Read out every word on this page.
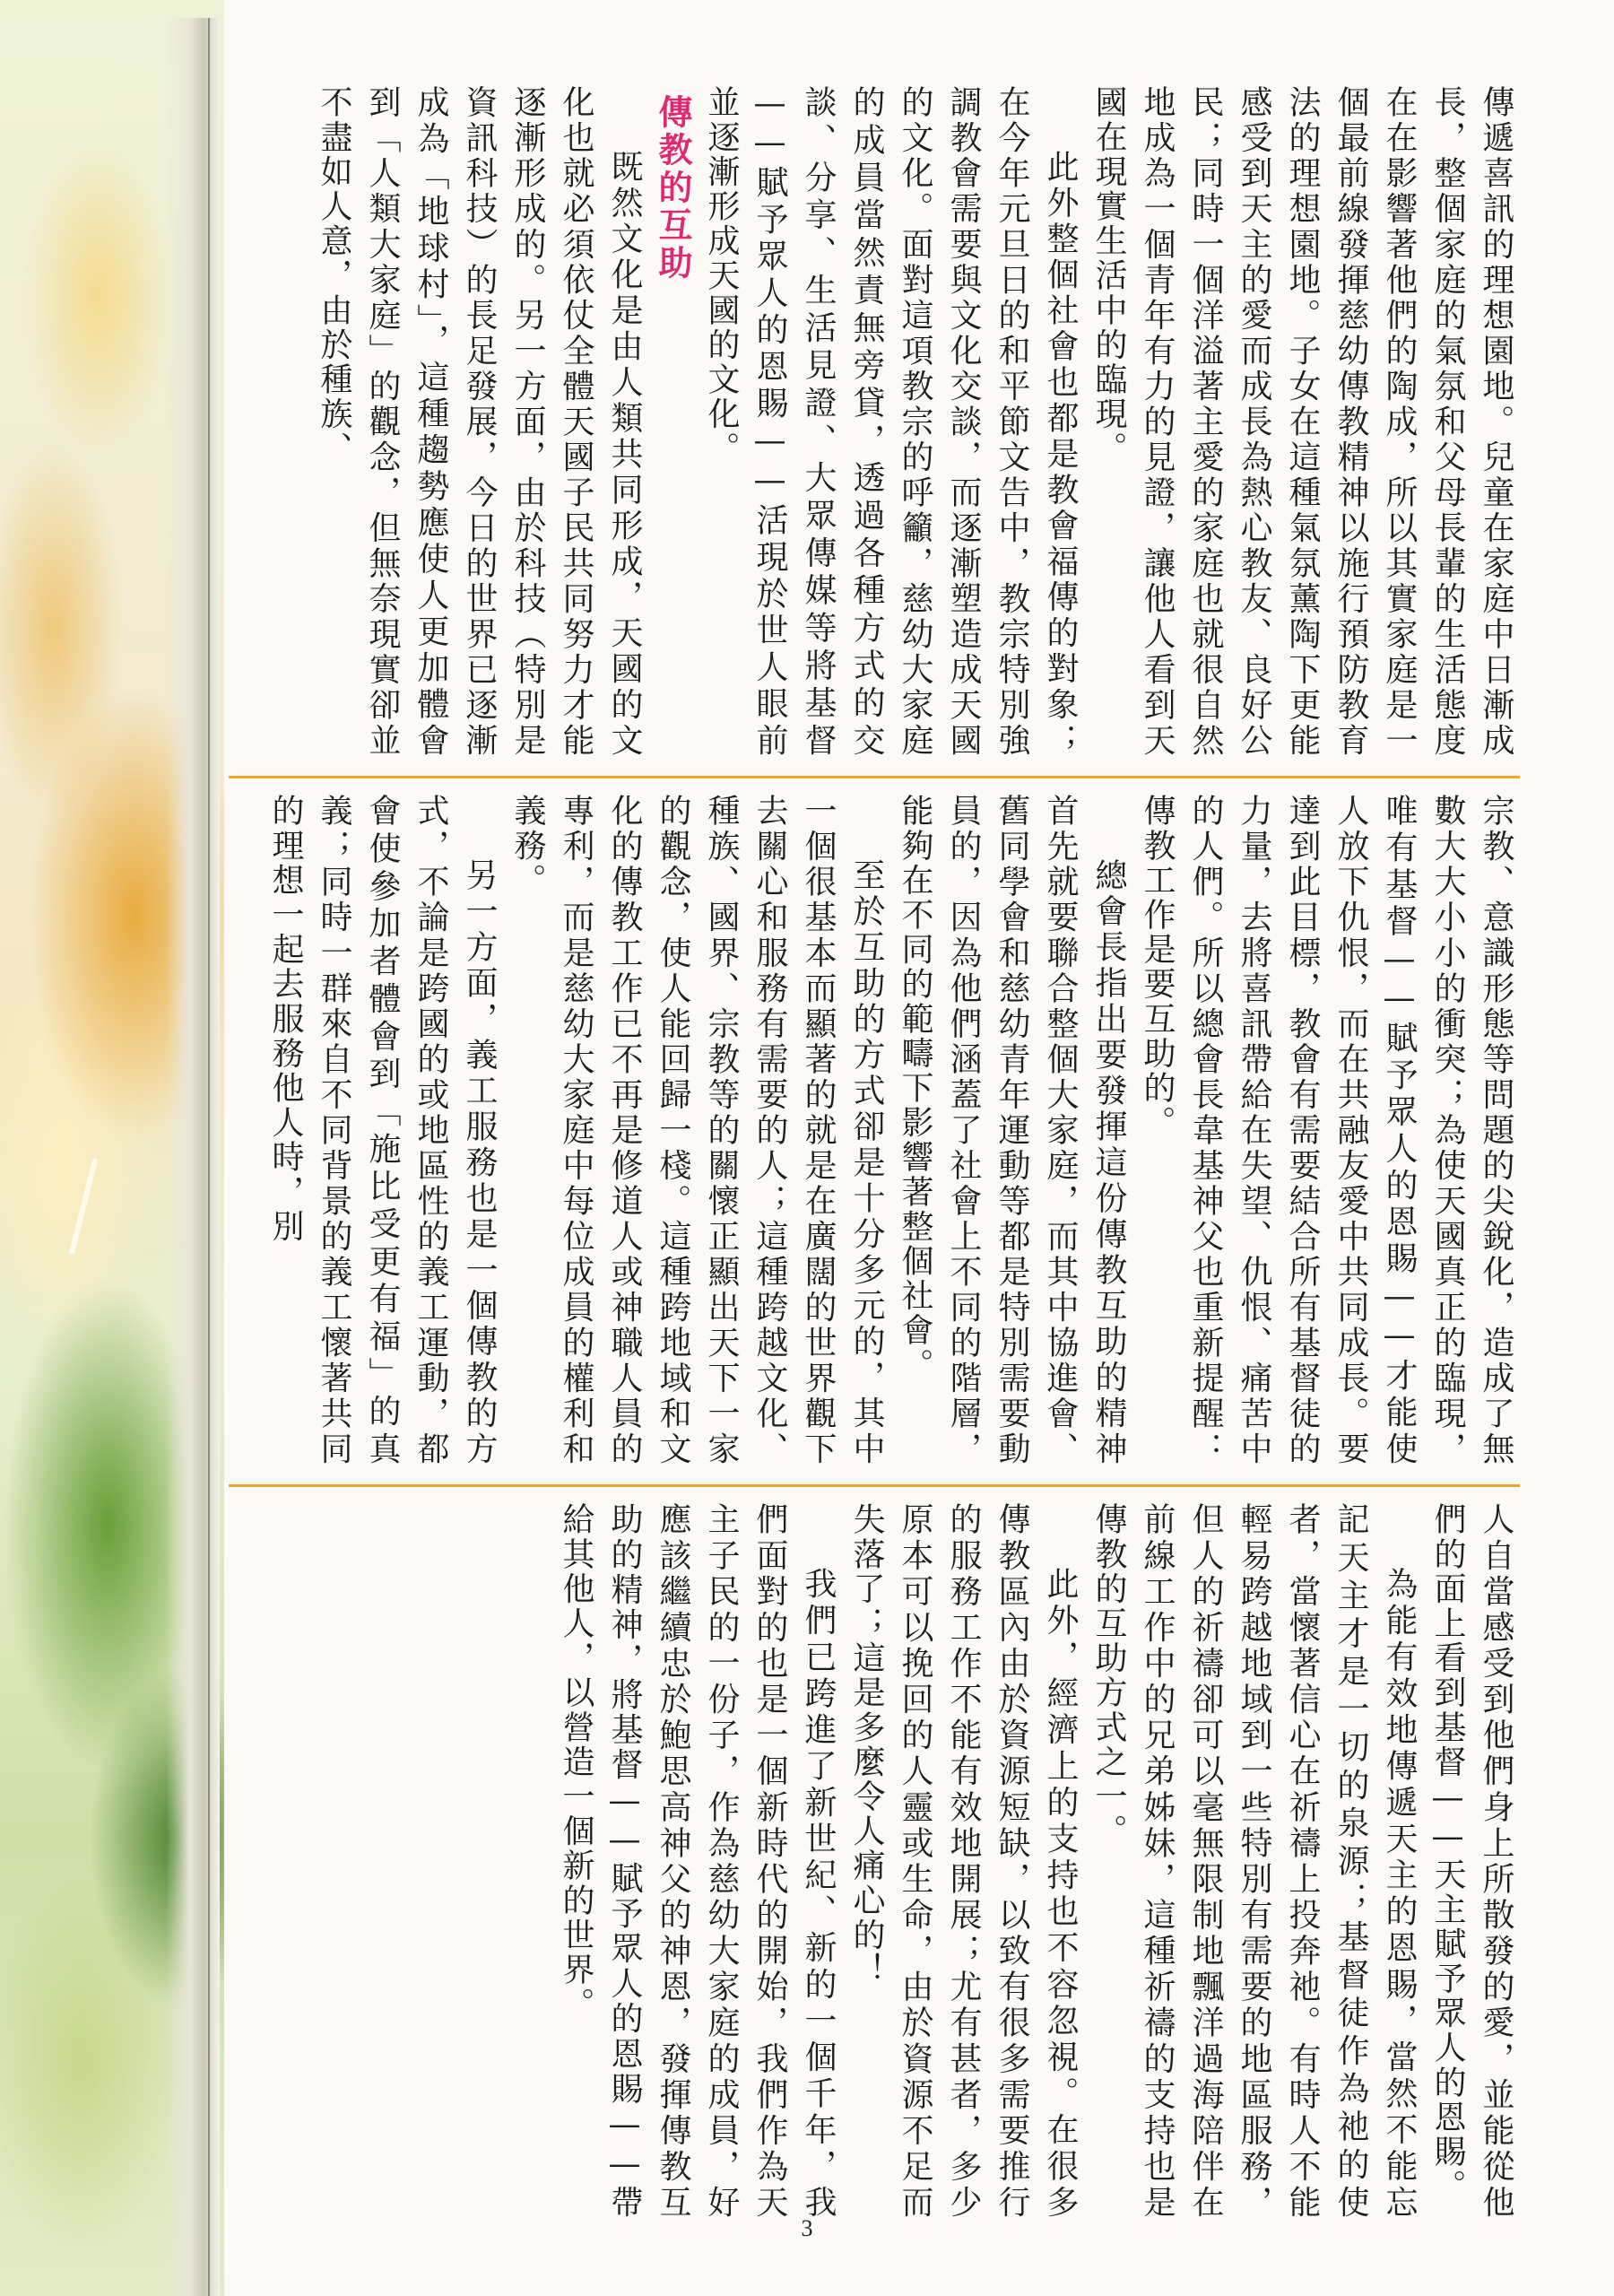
傳遞喜訊的理想園地。兒童在家庭中日漸成長，整個家庭的氣氛和父母長輩的生活態度在在影響著他們的陶成，所以其實家庭是一個最前線發揮慈幼傳教精神以施行預防教育法的理想園地。子女在這種氣氛薰陶下更能感受到天主的愛而成長為熱心教友、良好公民；同時一個洋溢著主愛的家庭也就很自然地成為一個青年有力的見證，讓他人看到天國在現實生活中的臨現。

此外整個社會也都是教會福傳的對象；在今年元旦日的和平節文告中，教宗特別強調教會需要與文化交談，而逐漸塑造成天國的文化。面對這項教宗的呼籲，慈幼大家庭的成員當然責無旁貸，透過各種方式的交談、分享、生活見證、大眾傳媒等將基督——賦予眾人的恩賜——活現於世人眼前並逐漸形成天國的文化。

傳教的互助

既然文化是由人類共同形成，天國的文化也就必須依仗全體天國子民共同努力才能逐漸形成的。另一方面，由於科技（特別是資訊科技）的長足發展，今日的世界已逐漸成為「地球村」，這種趨勢應使人更加體會到「人類大家庭」的觀念，但無奈現實卻並不盡如人意，由於種族、

宗教、意識形態等問題的尖銳化，造成了無數大大小小的衝突；為使天國真正的臨現，唯有基督——賦予眾人的恩賜——才能使人放下仇恨，而在共融友愛中共同成長。要達到此目標，教會有需要結合所有基督徒的力量，去將喜訊帶給在失望、仇恨、痛苦中的人們。所以總會長韋基神父也重新提醒：傳教工作是要互助的。

總會長指出要發揮這份傳教互助的精神首先就要聯合整個大家庭，而其中協進會、舊同學會和慈幼青年運動等都是特別需要動員的，因為他們涵蓋了社會上不同的階層，能夠在不同的範疇下影響著整個社會。

至於互助的方式卻是十分多元的，其中一個很基本而顯著的就是在廣闊的世界觀下去關心和服務有需要的人；這種跨越文化、種族、國界、宗教等的關懷正顯出天下一家的觀念，使人能回歸一棧。這種跨地域和文化的傳教工作已不再是修道人或神職人員的專利，而是慈幼大家庭中每位成員的權利和義務。

另一方面，義工服務也是一個傳教的方式，不論是跨國的或地區性的義工運動，都會使參加者體會到「施比受更有福」的真義；同時一群來自不同背景的義工懷著共同的理想一起去服務他人時，別

人自當感受到他們身上所散發的愛，並能從他們的面上看到基督——天主賦予眾人的恩賜。

為能有效地傳遞天主的恩賜，當然不能忘記天主才是一切的泉源；基督徒作為祂的使者，當懷著信心在祈禱上投奔祂。有時人不能輕易跨越地域到一些特別有需要的地區服務，但人的祈禱卻可以毫無限制地飄洋過海陪伴在前線工作中的兄弟姊妹，這種祈禱的支持也是傳教的互助方式之一。

此外，經濟上的支持也不容忽視。在很多傳教區內由於資源短缺，以致有很多需要推行的服務工作不能有效地開展；尤有甚者，多少原本可以挽回的人靈或生命，由於資源不足而失落了；這是多麼令人痛心的！

我們已跨進了新世紀、新的一個千年，我們面對的也是一個新時代的開始，我們作為天主子民的一份子，作為慈幼大家庭的成員，好應該繼續忠於鮑思高神父的神恩，發揮傳教互助的精神，將基督——賦予眾人的恩賜——帶給其他人，以營造一個新的世界。

3
